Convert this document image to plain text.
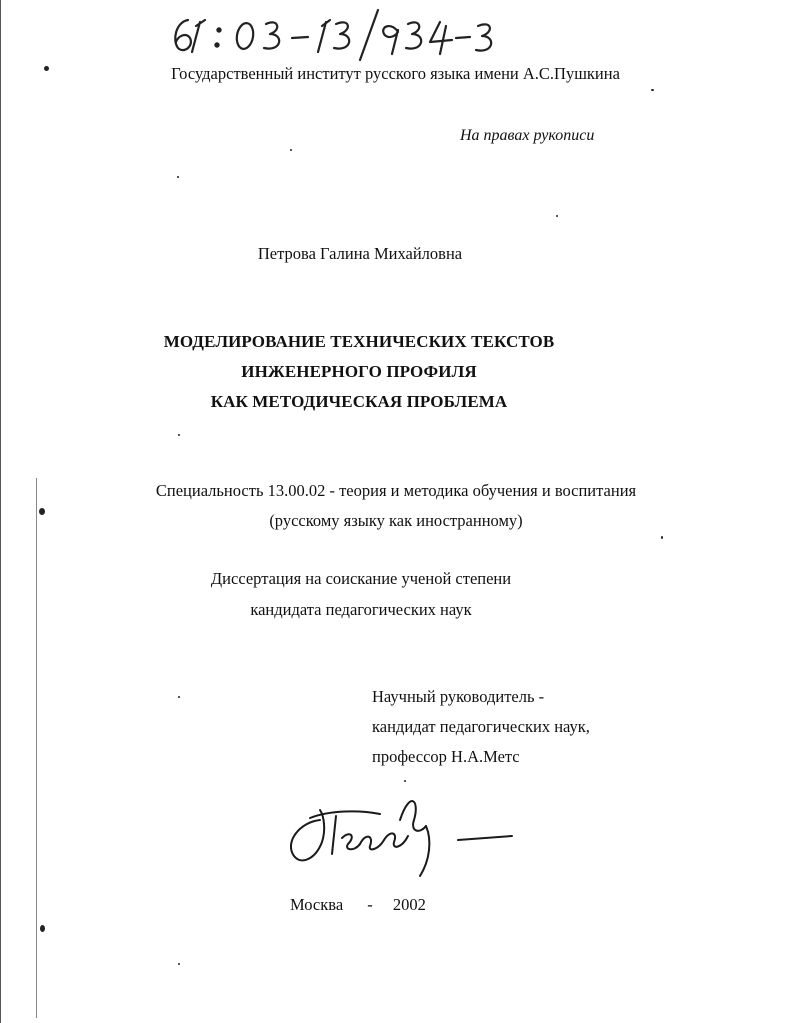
Государственный институт русского языка имени А.С.Пушкина
На правах рукописи
Петрова Галина Михайловна
МОДЕЛИРОВАНИЕ ТЕХНИЧЕСКИХ ТЕКСТОВ
ИНЖЕНЕРНОГО ПРОФИЛЯ
КАК МЕТОДИЧЕСКАЯ ПРОБЛЕМА
Специальность 13.00.02 - теория и методика обучения и воспитания
(русскому языку как иностранному)
Диссертация на соискание ученой степени
кандидата педагогических наук
Научный руководитель -
кандидат педагогических наук,
профессор Н.А.Метс
Москва - 2002
